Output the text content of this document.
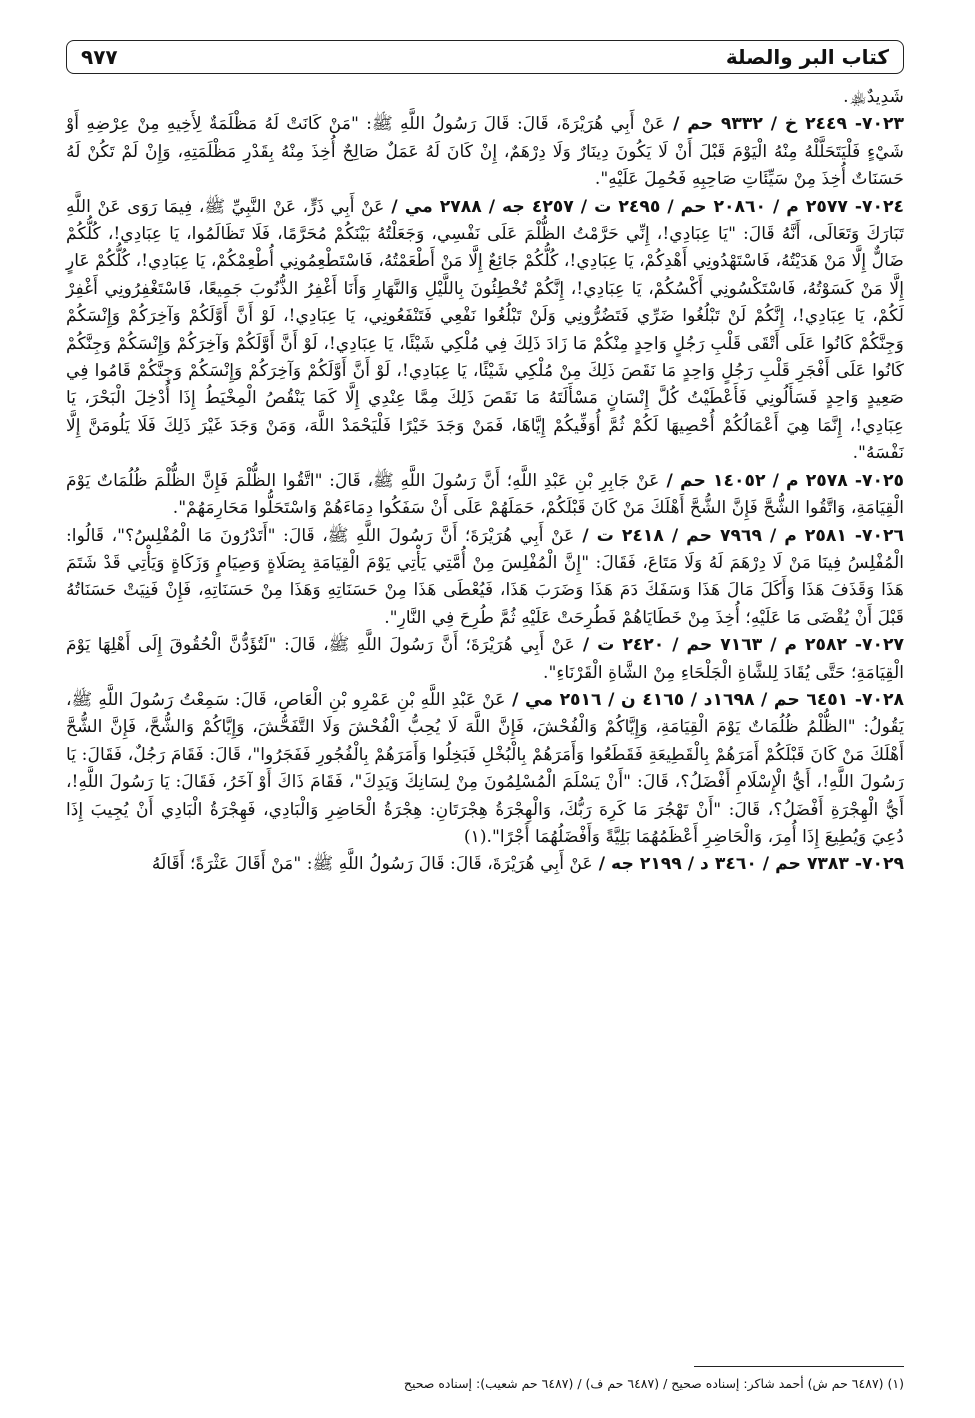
كتاب البر والصلة
٩٧٧

شَدِيدٌ﵏.

٧٠٢٣- ٢٤٤٩ خ / ٩٣٣٢ حم / عَنْ أَبِي هُرَيْرَةَ، قَالَ: قَالَ رَسُولُ اللَّهِ ﷺ: "مَنْ كَانَتْ لَهُ مَظْلَمَةٌ لِأَخِيهِ مِنْ عِرْضِهِ أَوْ شَيْءٍ فَلْيَتَحَلَّلْهُ مِنْهُ الْيَوْمَ قَبْلَ أَنْ لَا يَكُونَ دِينَارٌ وَلَا دِرْهَمٌ، إِنْ كَانَ لَهُ عَمَلٌ صَالِحٌ أُخِذَ مِنْهُ بِقَدْرِ مَظْلَمَتِهِ، وَإِنْ لَمْ تَكُنْ لَهُ حَسَنَاتٌ أُخِذَ مِنْ سَيِّئَاتِ صَاحِبِهِ فَحُمِلَ عَلَيْهِ".

٧٠٢٤- ٢٥٧٧ م / ٢٠٨٦٠ حم / ٢٤٩٥ ت / ٤٢٥٧ جه / ٢٧٨٨ مي / عَنْ أَبِي ذَرٍّ، عَنْ النَّبِيِّ ﷺ، فِيمَا رَوَى عَنْ اللَّهِ تَبَارَكَ وَتَعَالَى، أَنَّهُ قَالَ: "يَا عِبَادِي!، إِنِّي حَرَّمْتُ الظُّلْمَ عَلَى نَفْسِي، وَجَعَلْتُهُ بَيْنَكُمْ مُحَرَّمًا، فَلَا تَظَالَمُوا، يَا عِبَادِي!، كُلُّكُمْ ضَالٌّ إِلَّا مَنْ هَدَيْتُهُ، فَاسْتَهْدُونِي أَهْدِكُمْ، يَا عِبَادِي!، كُلُّكُمْ جَائِعٌ إِلَّا مَنْ أَطْعَمْتُهُ، فَاسْتَطْعِمُونِي أُطْعِمْكُمْ، يَا عِبَادِي!، كُلُّكُمْ عَارٍ إِلَّا مَنْ كَسَوْتُهُ، فَاسْتَكْسُونِي أَكْسُكُمْ، يَا عِبَادِي!، إِنَّكُمْ تُخْطِئُونَ بِاللَّيْلِ وَالنَّهَارِ وَأَنَا أَغْفِرُ الذُّنُوبَ جَمِيعًا، فَاسْتَغْفِرُونِي أَغْفِرْ لَكُمْ، يَا عِبَادِي!، إِنَّكُمْ لَنْ تَبْلُغُوا ضَرِّي فَتَضُرُّونِي وَلَنْ تَبْلُغُوا نَفْعِي فَتَنْفَعُونِي، يَا عِبَادِي!، لَوْ أَنَّ أَوَّلَكُمْ وَآخِرَكُمْ وَإِنْسَكُمْ وَجِنَّكُمْ كَانُوا عَلَى أَتْقَى قَلْبِ رَجُلٍ وَاحِدٍ مِنْكُمْ مَا زَادَ ذَلِكَ فِي مُلْكِي شَيْئًا، يَا عِبَادِي!، لَوْ أَنَّ أَوَّلَكُمْ وَآخِرَكُمْ وَإِنْسَكُمْ وَجِنَّكُمْ كَانُوا عَلَى أَفْجَرِ قَلْبِ رَجُلٍ وَاحِدٍ مَا نَقَصَ ذَلِكَ مِنْ مُلْكِي شَيْئًا، يَا عِبَادِي!، لَوْ أَنَّ أَوَّلَكُمْ وَآخِرَكُمْ وَإِنْسَكُمْ وَجِنَّكُمْ قَامُوا فِي صَعِيدٍ وَاحِدٍ فَسَأَلُونِي فَأَعْطَيْتُ كُلَّ إِنْسَانٍ مَسْأَلَتَهُ مَا نَقَصَ ذَلِكَ مِمَّا عِنْدِي إِلَّا كَمَا يَنْقُصُ الْمِخْيَطُ إِذَا أُدْخِلَ الْبَحْرَ، يَا عِبَادِي!، إِنَّمَا هِيَ أَعْمَالُكُمْ أُحْصِيهَا لَكُمْ ثُمَّ أُوَفِّيكُمْ إِيَّاهَا، فَمَنْ وَجَدَ خَيْرًا فَلْيَحْمَدْ اللَّهَ، وَمَنْ وَجَدَ غَيْرَ ذَلِكَ فَلَا يَلُومَنَّ إِلَّا نَفْسَهُ".

٧٠٢٥- ٢٥٧٨ م / ١٤٠٥٢ حم / عَنْ جَابِرِ بْنِ عَبْدِ اللَّهِ؛ أَنَّ رَسُولَ اللَّهِ ﷺ، قَالَ: "اتَّقُوا الظُّلْمَ فَإِنَّ الظُّلْمَ ظُلُمَاتٌ يَوْمَ الْقِيَامَةِ، وَاتَّقُوا الشُّحَّ فَإِنَّ الشُّحَّ أَهْلَكَ مَنْ كَانَ قَبْلَكُمْ، حَمَلَهُمْ عَلَى أَنْ سَفَكُوا دِمَاءَهُمْ وَاسْتَحَلُّوا مَحَارِمَهُمْ".

٧٠٢٦- ٢٥٨١ م / ٧٩٦٩ حم / ٢٤١٨ ت / عَنْ أَبِي هُرَيْرَةَ؛ أَنَّ رَسُولَ اللَّهِ ﷺ، قَالَ: "أَتَدْرُونَ مَا الْمُفْلِسُ؟"، قَالُوا: الْمُفْلِسُ فِينَا مَنْ لَا دِرْهَمَ لَهُ وَلَا مَتَاعَ، فَقَالَ: "إِنَّ الْمُفْلِسَ مِنْ أُمَّتِي يَأْتِي يَوْمَ الْقِيَامَةِ بِصَلَاةٍ وَصِيَامٍ وَزَكَاةٍ وَيَأْتِي قَدْ شَتَمَ هَذَا وَقَذَفَ هَذَا وَأَكَلَ مَالَ هَذَا وَسَفَكَ دَمَ هَذَا وَضَرَبَ هَذَا، فَيُعْطَى هَذَا مِنْ حَسَنَاتِهِ وَهَذَا مِنْ حَسَنَاتِهِ، فَإِنْ فَنِيَتْ حَسَنَاتُهُ قَبْلَ أَنْ يُقْضَى مَا عَلَيْهِ؛ أُخِذَ مِنْ خَطَايَاهُمْ فَطُرِحَتْ عَلَيْهِ ثُمَّ طُرِحَ فِي النَّارِ".

٧٠٢٧- ٢٥٨٢ م / ٧١٦٣ حم / ٢٤٢٠ ت / عَنْ أَبِي هُرَيْرَةَ؛ أَنَّ رَسُولَ اللَّهِ ﷺ، قَالَ: "لَتُؤَدُّنَّ الْحُقُوقَ إِلَى أَهْلِهَا يَوْمَ الْقِيَامَةِ؛ حَتَّى يُقَادَ لِلشَّاةِ الْجَلْحَاءِ مِنْ الشَّاةِ الْقَرْنَاءِ".

٧٠٢٨- ٦٤٥١ حم / ١٦٩٨د / ٤١٦٥ ن / ٢٥١٦ مي / عَنْ عَبْدِ اللَّهِ بْنِ عَمْرِو بْنِ الْعَاصِ، قَالَ: سَمِعْتُ رَسُولَ اللَّهِ ﷺ، يَقُولُ: "الظُّلْمُ ظُلُمَاتٌ يَوْمَ الْقِيَامَةِ، وَإِيَّاكُمْ وَالْفُحْشَ، فَإِنَّ اللَّهَ لَا يُحِبُّ الْفُحْشَ وَلَا التَّفَحُّشَ، وَإِيَّاكُمْ وَالشُّحَّ، فَإِنَّ الشُّحَّ أَهْلَكَ مَنْ كَانَ قَبْلَكُمْ أَمَرَهُمْ بِالْقَطِيعَةِ فَقَطَعُوا وَأَمَرَهُمْ بِالْبُخْلِ فَبَخِلُوا وَأَمَرَهُمْ بِالْفُجُورِ فَفَجَرُوا"، قَالَ: فَقَامَ رَجُلٌ، فَقَالَ: يَا رَسُولَ اللَّهِ!، أَيُّ الْإِسْلَامِ أَفْضَلُ؟، قَالَ: "أَنْ يَسْلَمَ الْمُسْلِمُونَ مِنْ لِسَانِكَ وَيَدِكَ"، فَقَامَ ذَاكَ أَوْ آخَرُ، فَقَالَ: يَا رَسُولَ اللَّهِ!، أَيُّ الْهِجْرَةِ أَفْضَلُ؟، قَالَ: "أَنْ تَهْجُرَ مَا كَرِهَ رَبُّكَ، وَالْهِجْرَةُ هِجْرَتَانِ: هِجْرَةُ الْحَاضِرِ وَالْبَادِي، فَهِجْرَةُ الْبَادِي أَنْ يُجِيبَ إِذَا دُعِيَ وَيُطِيعَ إِذَا أُمِرَ، وَالْحَاضِرِ أَعْظَمُهُمَا بَلِيَّةً وَأَفْضَلُهُمَا أَجْرًا".(١)

٧٠٢٩- ٧٣٨٣ حم / ٣٤٦٠ د / ٢١٩٩ جه / عَنْ أَبِي هُرَيْرَةَ، قَالَ: قَالَ رَسُولُ اللَّهِ ﷺ: "مَنْ أَقَالَ عَثْرَةً؛ أَقَالَهُ

(١) (٦٤٨٧ حم ش) أحمد شاكر: إسناده صحيح / (٦٤٨٧ حم ف) / (٦٤٨٧ حم شعيب): إسناده صحيح
